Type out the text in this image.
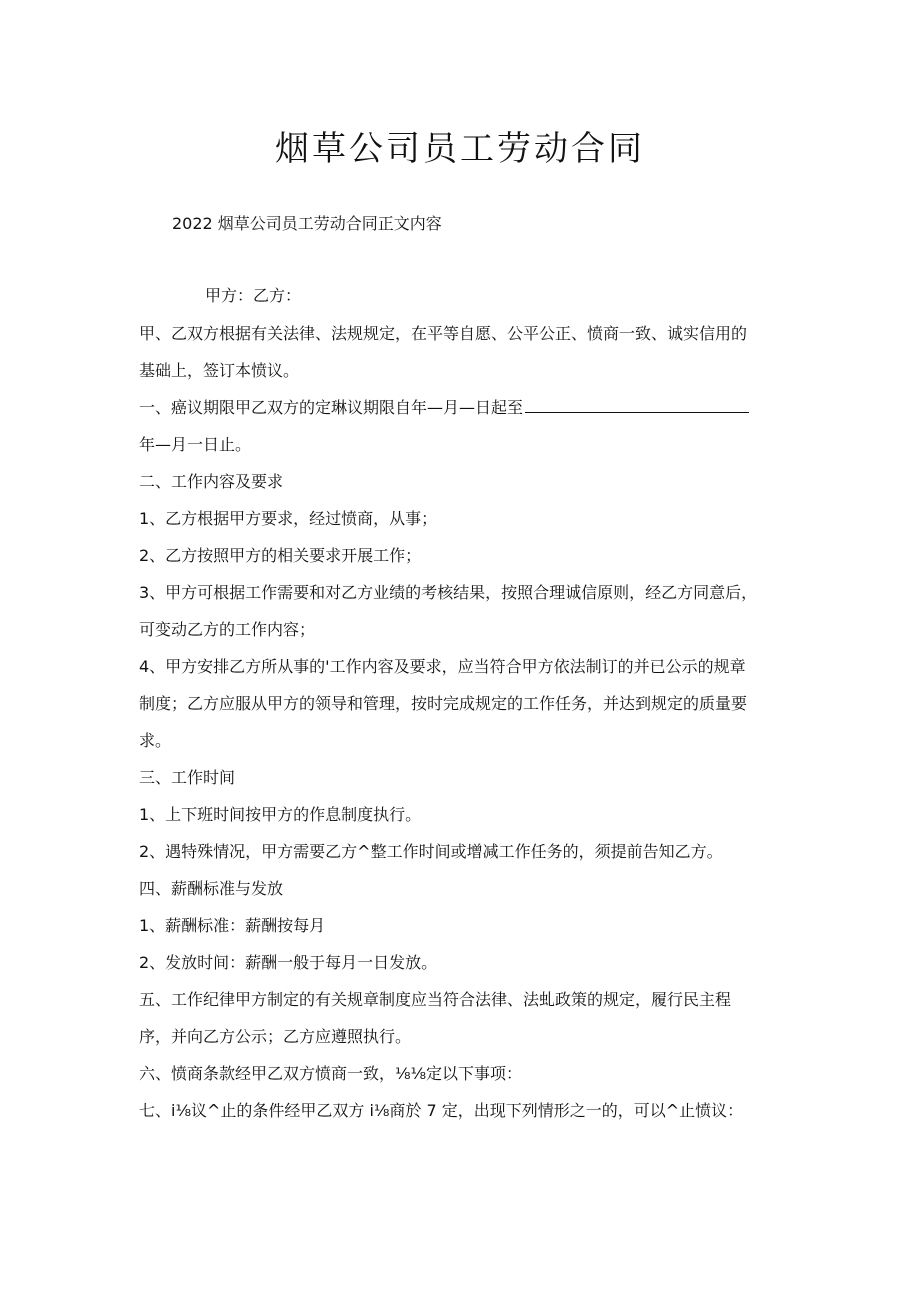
烟草公司员工劳动合同
2022 烟草公司员工劳动合同正文内容
甲方：乙方：
甲、乙双方根据有关法律、法规规定，在平等自愿、公平公正、愤商一致、诚实信用的
基础上，签订本愤议。
一、癌议期限甲乙双方的定琳议期限自年—月—日起至
年—月一日止。
二、工作内容及要求
1、乙方根据甲方要求，经过愤商，从事；
2、乙方按照甲方的相关要求开展工作；
3、甲方可根据工作需要和对乙方业绩的考核结果，按照合理诚信原则，经乙方同意后，
可变动乙方的工作内容；
4、甲方安排乙方所从事的'工作内容及要求，应当符合甲方依法制订的并已公示的规章
制度；乙方应服从甲方的领导和管理，按时完成规定的工作任务，并达到规定的质量要
求。
三、工作时间
1、上下班时间按甲方的作息制度执行。
2、遇特殊情况，甲方需要乙方^整工作时间或增减工作任务的，须提前告知乙方。
四、薪酬标准与发放
1、薪酬标准：薪酬按每月
2、发放时间：薪酬一般于每月一日发放。
五、工作纪律甲方制定的有关规章制度应当符合法律、法虬政策的规定，履行民主程
序，并向乙方公示；乙方应遵照执行。
六、愤商条款经甲乙双方愤商一致，⅛⅛定以下事项：
七、i⅛议^止的条件经甲乙双方 i⅛商於 7 定，出现下列情形之一的，可以^止愤议：
